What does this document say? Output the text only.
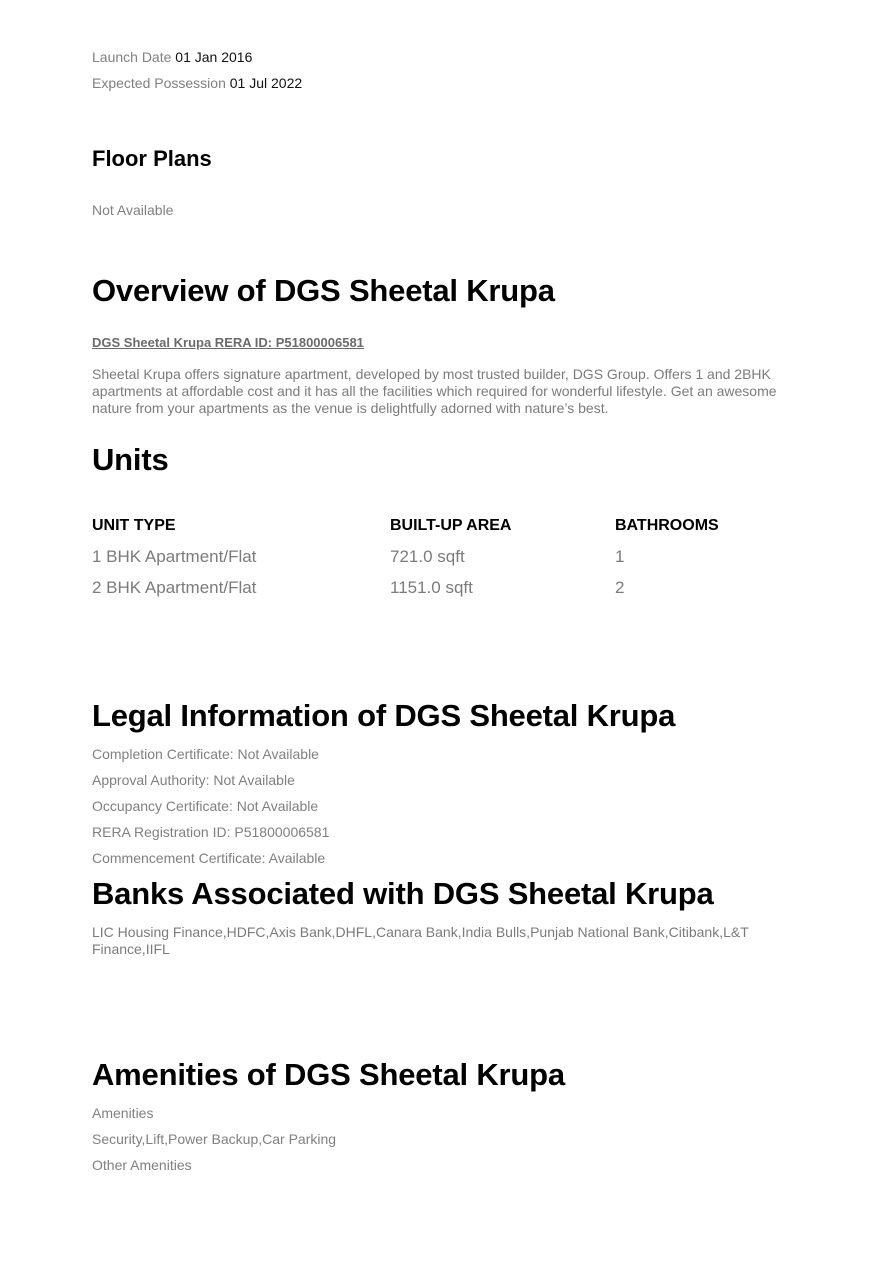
Launch Date 01 Jan 2016
Expected Possession 01 Jul 2022
Floor Plans
Not Available
Overview of DGS Sheetal Krupa
DGS Sheetal Krupa RERA ID: P51800006581
Sheetal Krupa offers signature apartment, developed by most trusted builder, DGS Group. Offers 1 and 2BHK apartments at affordable cost and it has all the facilities which required for wonderful lifestyle. Get an awesome nature from your apartments as the venue is delightfully adorned with nature’s best.
Units
UNIT TYPE	BUILT-UP AREA	BATHROOMS
1 BHK Apartment/Flat	721.0 sqft	1
2 BHK Apartment/Flat	1151.0 sqft	2
Legal Information of DGS Sheetal Krupa
Completion Certificate: Not Available
Approval Authority: Not Available
Occupancy Certificate: Not Available
RERA Registration ID: P51800006581
Commencement Certificate: Available
Banks Associated with DGS Sheetal Krupa
LIC Housing Finance,HDFC,Axis Bank,DHFL,Canara Bank,India Bulls,Punjab National Bank,Citibank,L&T Finance,IIFL
Amenities of DGS Sheetal Krupa
Amenities
Security,Lift,Power Backup,Car Parking
Other Amenities
